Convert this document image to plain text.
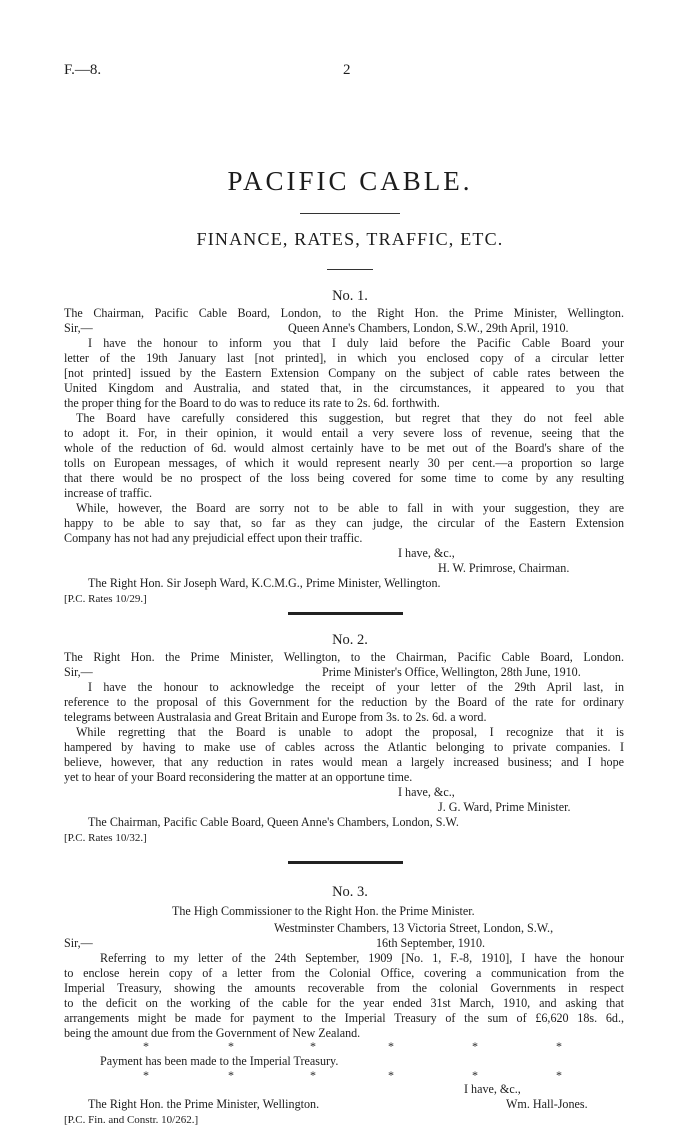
F.—8.	2
PACIFIC CABLE.
FINANCE, RATES, TRAFFIC, ETC.
No. 1.
The Chairman, Pacific Cable Board, London, to the Right Hon. the Prime Minister, Wellington.
Sir,—	Queen Anne's Chambers, London, S.W., 29th April, 1910.
I have the honour to inform you that I duly laid before the Pacific Cable Board your
letter of the 19th January last [not printed], in which you enclosed copy of a circular letter
[not printed] issued by the Eastern Extension Company on the subject of cable rates between the
United Kingdom and Australia, and stated that, in the circumstances, it appeared to you that
the proper thing for the Board to do was to reduce its rate to 2s. 6d. forthwith.
The Board have carefully considered this suggestion, but regret that they do not feel able
to adopt it. For, in their opinion, it would entail a very severe loss of revenue, seeing that the
whole of the reduction of 6d. would almost certainly have to be met out of the Board's share of the
tolls on European messages, of which it would represent nearly 30 per cent.—a proportion so large
that there would be no prospect of the loss being covered for some time to come by any resulting
increase of traffic.
While, however, the Board are sorry not to be able to fall in with your suggestion, they are
happy to be able to say that, so far as they can judge, the circular of the Eastern Extension
Company has not had any prejudicial effect upon their traffic.
I have, &c.,
H. W. Primrose, Chairman.
The Right Hon. Sir Joseph Ward, K.C.M.G., Prime Minister, Wellington.
[P.C. Rates 10/29.]
No. 2.
The Right Hon. the Prime Minister, Wellington, to the Chairman, Pacific Cable Board, London.
Sir,—	Prime Minister's Office, Wellington, 28th June, 1910.
I have the honour to acknowledge the receipt of your letter of the 29th April last, in
reference to the proposal of this Government for the reduction by the Board of the rate for ordinary
telegrams between Australasia and Great Britain and Europe from 3s. to 2s. 6d. a word.
While regretting that the Board is unable to adopt the proposal, I recognize that it is
hampered by having to make use of cables across the Atlantic belonging to private companies. I
believe, however, that any reduction in rates would mean a largely increased business; and I hope
yet to hear of your Board reconsidering the matter at an opportune time.
I have, &c.,
J. G. Ward, Prime Minister.
The Chairman, Pacific Cable Board, Queen Anne's Chambers, London, S.W.
[P.C. Rates 10/32.]
No. 3.
The High Commissioner to the Right Hon. the Prime Minister.
Westminster Chambers, 13 Victoria Street, London, S.W.,
Sir,—	16th September, 1910.
Referring to my letter of the 24th September, 1909 [No. 1, F.-8, 1910], I have the honour
to enclose herein copy of a letter from the Colonial Office, covering a communication from the
Imperial Treasury, showing the amounts recoverable from the colonial Governments in respect
to the deficit on the working of the cable for the year ended 31st March, 1910, and asking that
arrangements might be made for payment to the Imperial Treasury of the sum of £6,620 18s. 6d.,
being the amount due from the Government of New Zealand.
*	*	*	*	*	*
Payment has been made to the Imperial Treasury.
*	*	*	*	*	*
I have, &c.,
The Right Hon. the Prime Minister, Wellington.	Wm. Hall-Jones.
[P.C. Fin. and Constr. 10/262.]
